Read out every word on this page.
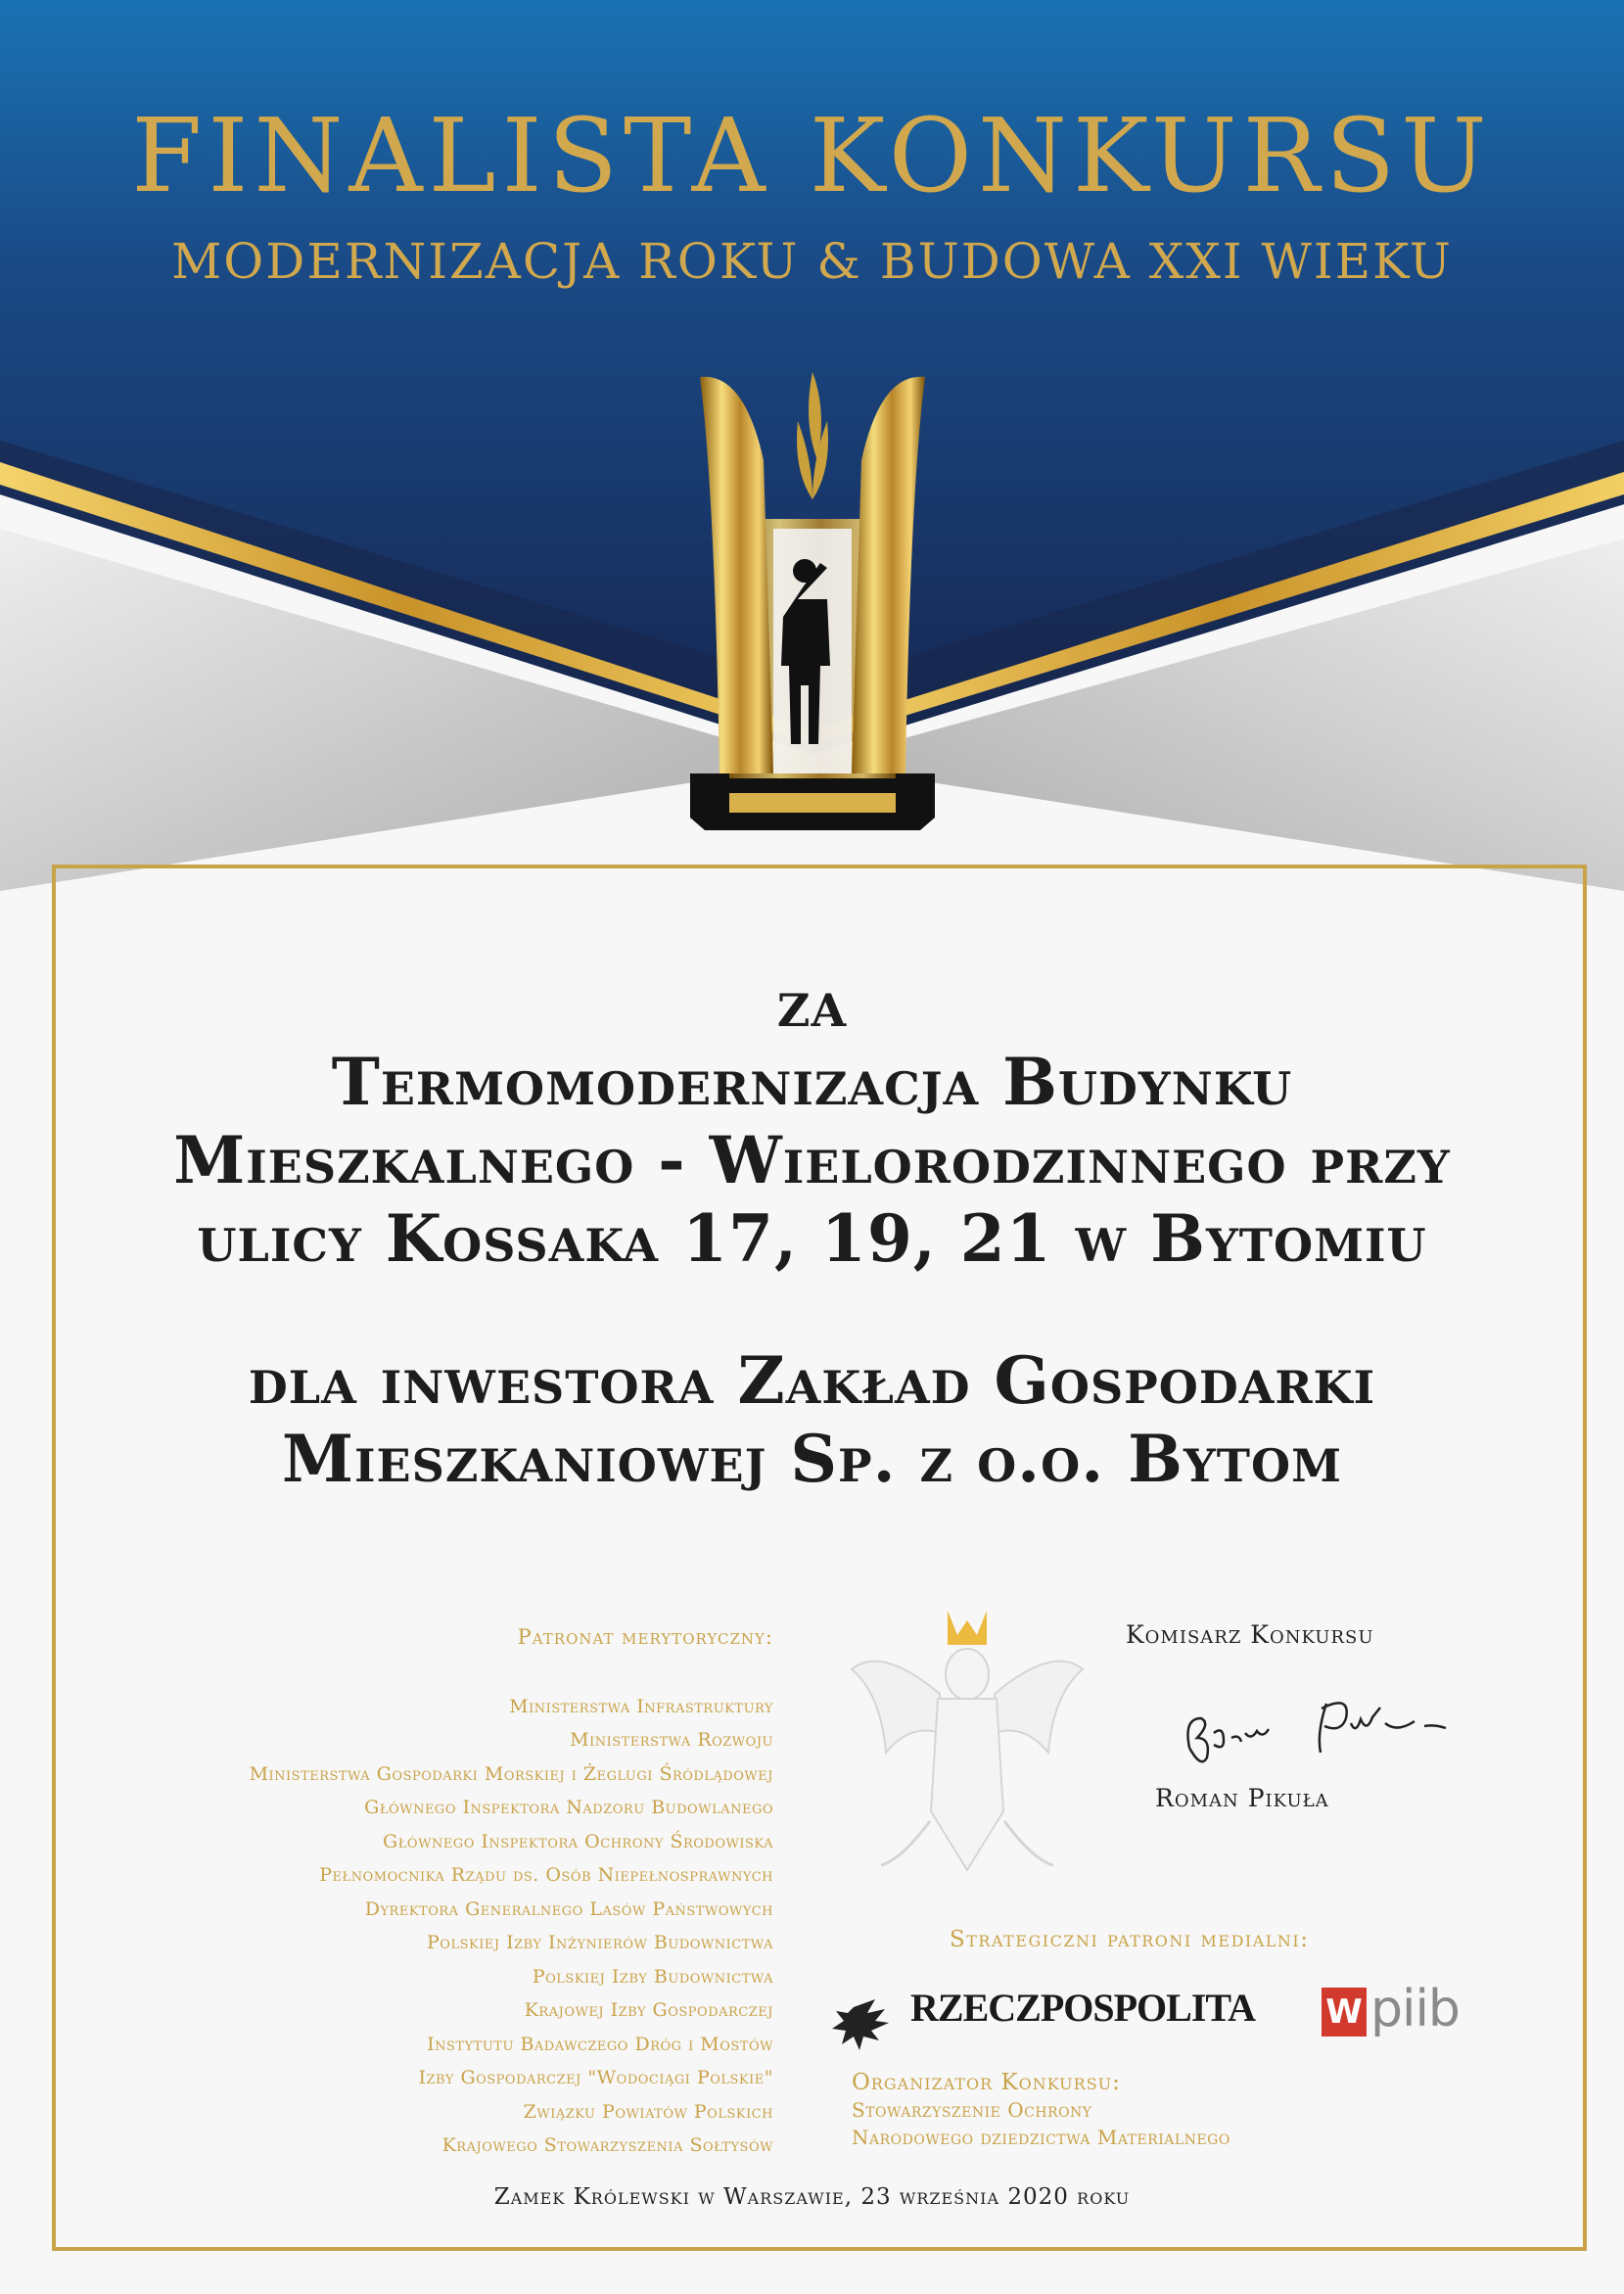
FINALISTA KONKURSU
MODERNIZACJA ROKU & BUDOWA XXI WIEKU
za
Termomodernizacja Budynku
Mieszkalnego - Wielorodzinnego przy
ulicy Kossaka 17, 19, 21 w Bytomiu
dla inwestora Zakład Gospodarki
Mieszkaniowej Sp. z o.o. Bytom
Patronat merytoryczny:
Ministerstwa Infrastruktury
Ministerstwa Rozwoju
Ministerstwa Gospodarki Morskiej i Żeglugi Śródlądowej
Głównego Inspektora Nadzoru Budowlanego
Głównego Inspektora Ochrony Środowiska
Pełnomocnika Rządu ds. Osób Niepełnosprawnych
Dyrektora Generalnego Lasów Państwowych
Polskiej Izby Inżynierów Budownictwa
Polskiej Izby Budownictwa
Krajowej Izby Gospodarczej
Instytutu Badawczego Dróg i Mostów
Izby Gospodarczej "Wodociągi Polskie"
Związku Powiatów Polskich
Krajowego Stowarzyszenia Sołtysów
Komisarz Konkursu
Roman Pikuła
Strategiczni patroni medialni:
RZECZPOSPOLITA W piib
Organizator Konkursu:
Stowarzyszenie Ochrony
Narodowego dziedzictwa Materialnego
Zamek Królewski w Warszawie, 23 września 2020 roku
